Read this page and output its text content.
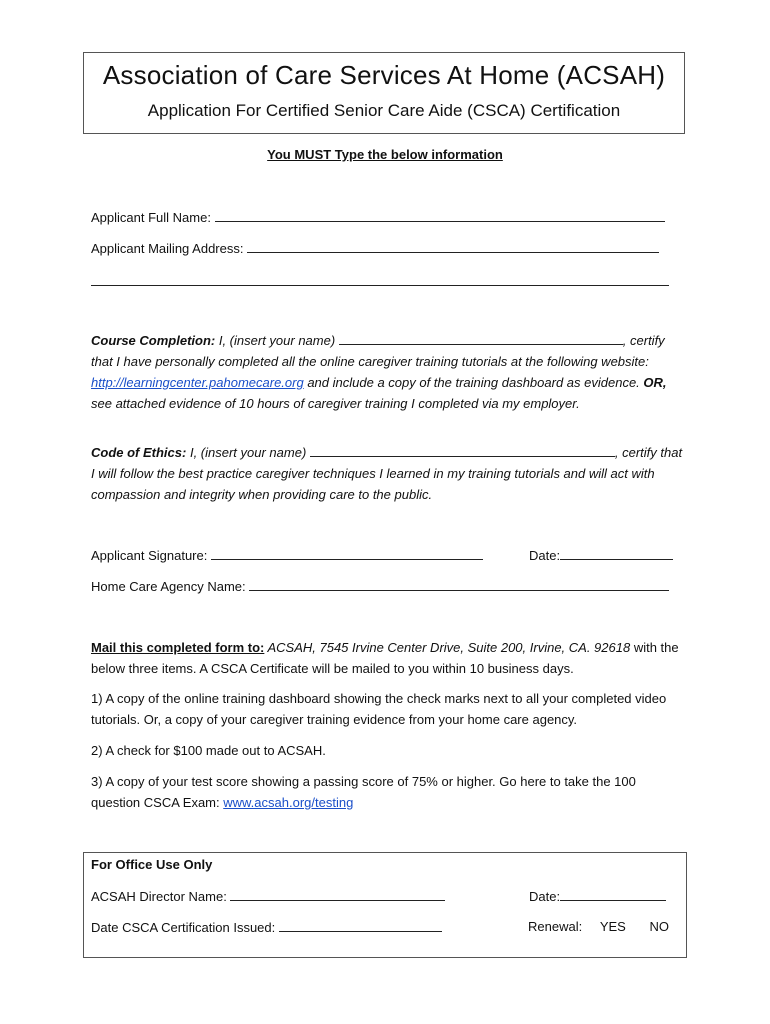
Association of Care Services At Home (ACSAH)
Application For Certified Senior Care Aide (CSCA) Certification
You MUST Type the below information
Applicant Full Name:
Applicant Mailing Address:
Course Completion: I, (insert your name)	, certify that I have personally completed all the online caregiver training tutorials at the following website: http://learningcenter.pahomecare.org and include a copy of the training dashboard as evidence. OR, see attached evidence of 10 hours of caregiver training I completed via my employer.
Code of Ethics: I, (insert your name)	, certify that I will follow the best practice caregiver techniques I learned in my training tutorials and will act with compassion and integrity when providing care to the public.
Applicant Signature:	Date:
Home Care Agency Name:
Mail this completed form to: ACSAH, 7545 Irvine Center Drive, Suite 200, Irvine, CA. 92618 with the below three items. A CSCA Certificate will be mailed to you within 10 business days.
1) A copy of the online training dashboard showing the check marks next to all your completed video tutorials. Or, a copy of your caregiver training evidence from your home care agency.
2) A check for $100 made out to ACSAH.
3) A copy of your test score showing a passing score of 75% or higher. Go here to take the 100 question CSCA Exam: www.acsah.org/testing
For Office Use Only
ACSAH Director Name:	Date:
Date CSCA Certification Issued:	Renewal: YES NO
